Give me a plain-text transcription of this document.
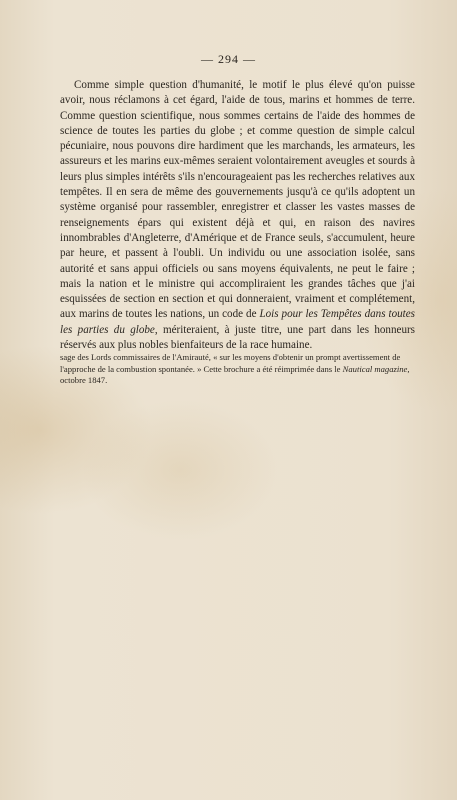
— 294 —

Comme simple question d'humanité, le motif le plus élevé qu'on puisse avoir, nous réclamons à cet égard, l'aide de tous, marins et hommes de terre. Comme question scientifique, nous sommes certains de l'aide des hommes de science de toutes les parties du globe ; et comme question de simple calcul pécuniaire, nous pouvons dire hardiment que les marchands, les armateurs, les assureurs et les marins eux-mêmes seraient volontairement aveugles et sourds à leurs plus simples intérêts s'ils n'encourageaient pas les recherches relatives aux tempêtes. Il en sera de même des gouvernements jusqu'à ce qu'ils adoptent un système organisé pour rassembler, enregistrer et classer les vastes masses de renseignements épars qui existent déjà et qui, en raison des navires innombrables d'Angleterre, d'Amérique et de France seuls, s'accumulent, heure par heure, et passent à l'oubli. Un individu ou une association isolée, sans autorité et sans appui officiels ou sans moyens équivalents, ne peut le faire ; mais la nation et le ministre qui accompliraient les grandes tâches que j'ai esquissées de section en section et qui donneraient, vraiment et complétement, aux marins de toutes les nations, un code de Lois pour les Tempêtes dans toutes les parties du globe, mériteraient, à juste titre, une part dans les honneurs réservés aux plus nobles bienfaiteurs de la race humaine.

sage des Lords commissaires de l'Amirauté, « sur les moyens d'obtenir un prompt avertissement de l'approche de la combustion spontanée. » Cette brochure a été réimprimée dans le Nautical magazine, octobre 1847.
